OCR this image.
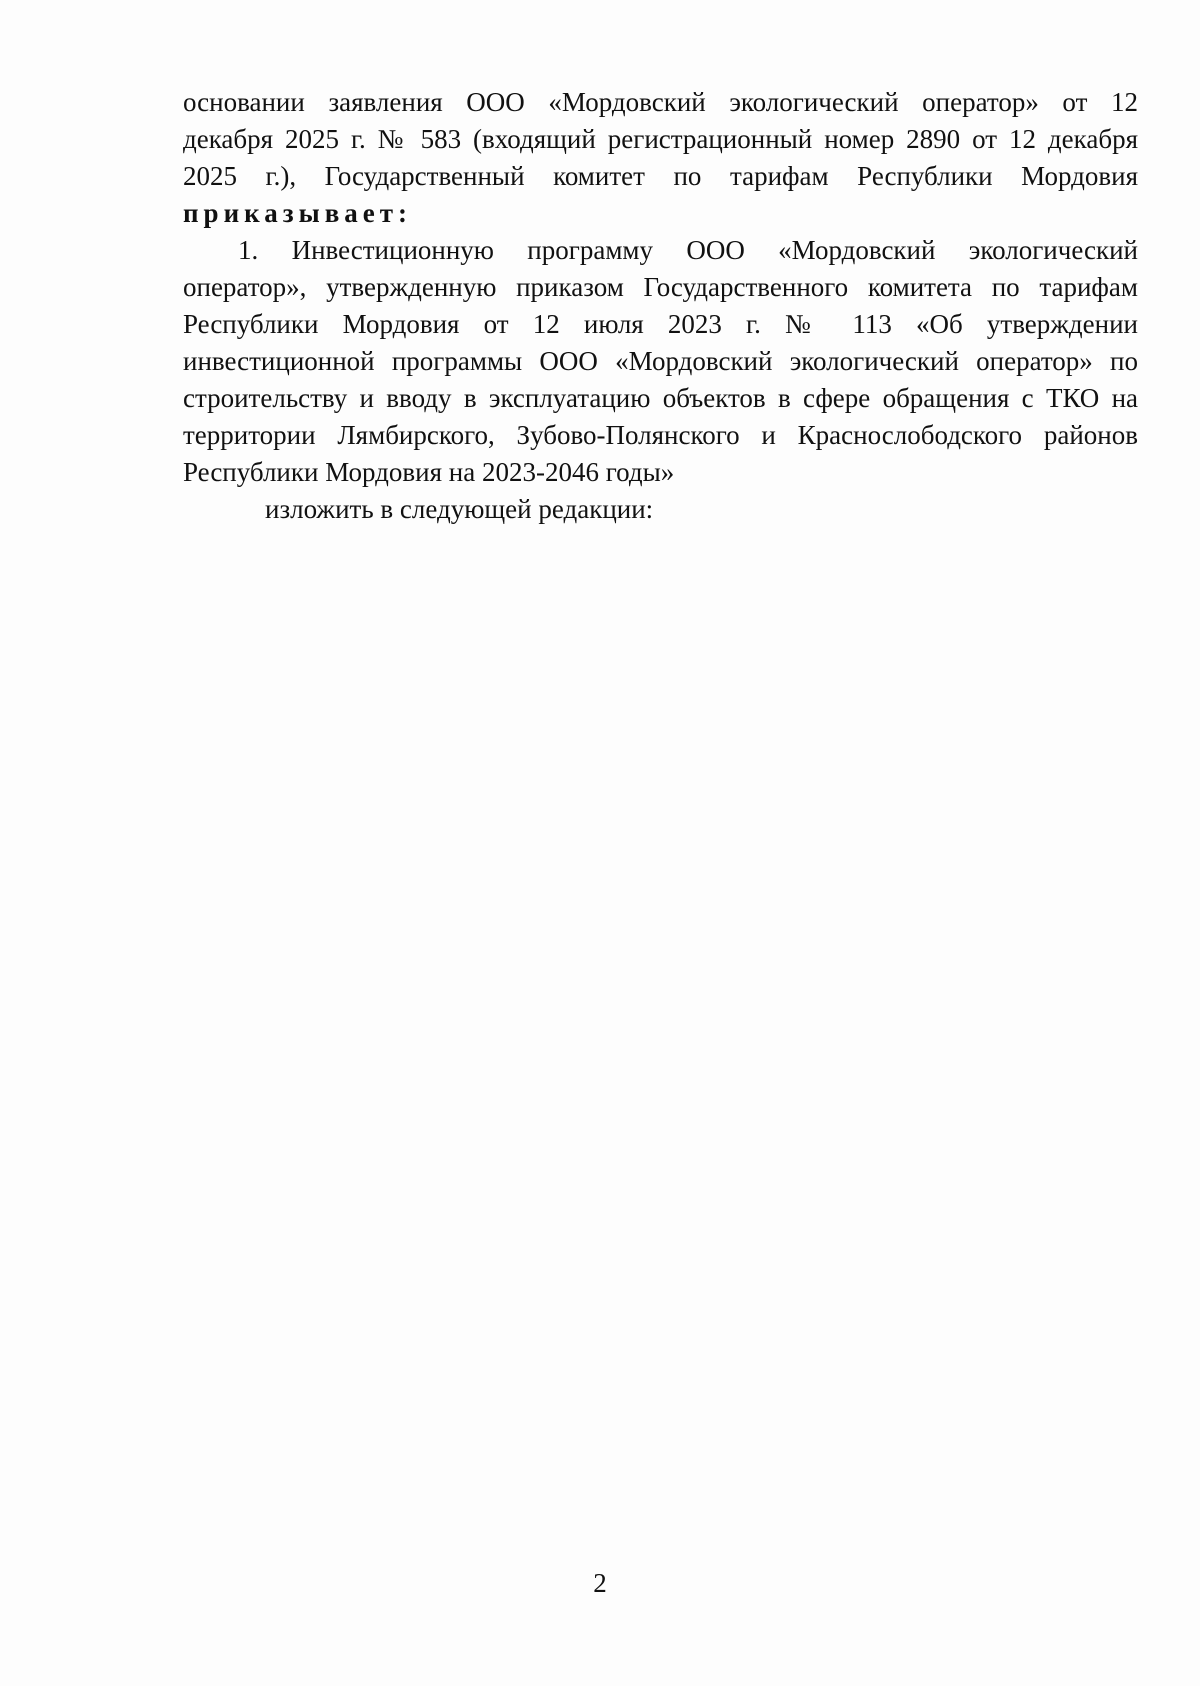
основании заявления ООО «Мордовский экологический оператор» от 12

декабря 2025 г. № 583 (входящий регистрационный номер 2890 от 12 декабря

2025 г.), Государственный комитет по тарифам Республики Мордовия

приказывает:

1. Инвестиционную программу ООО «Мордовский экологический

оператор», утвержденную приказом Государственного комитета по тарифам

Республики Мордовия от 12 июля 2023 г. № 113 «Об утверждении

инвестиционной программы ООО «Мордовский экологический оператор» по

строительству и вводу в эксплуатацию объектов в сфере обращения с ТКО на

территории Лямбирского, Зубово-Полянского и Краснослободского районов

Республики Мордовия на 2023-2046 годы»

изложить в следующей редакции:

2
